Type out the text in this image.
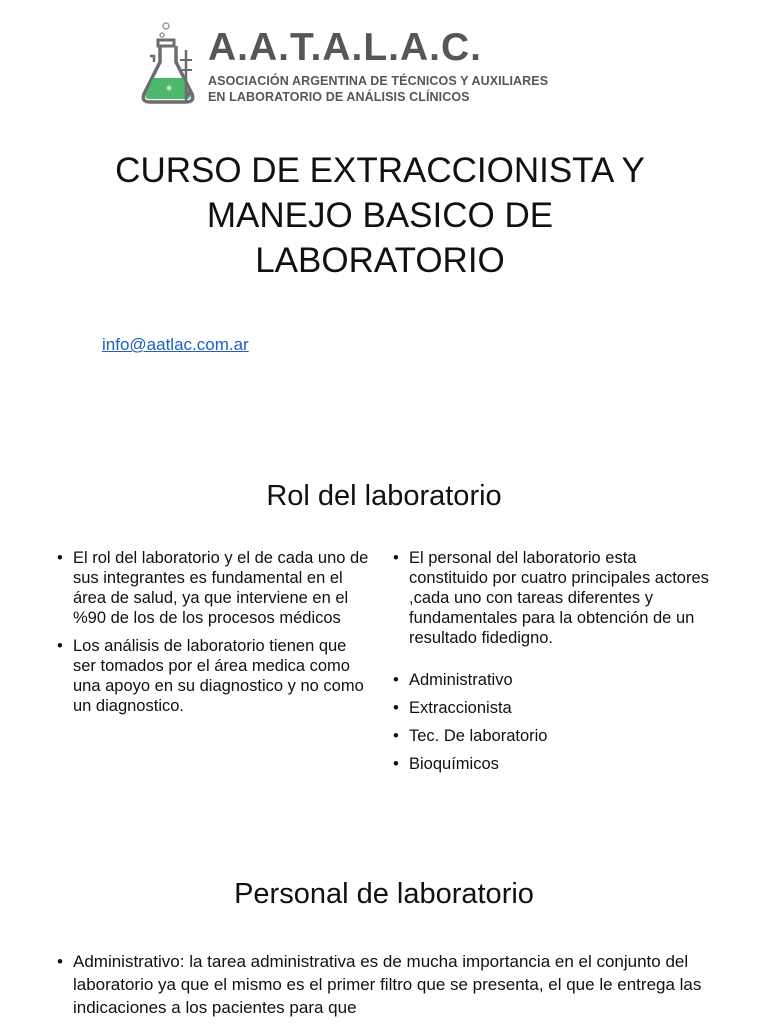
A.A.T.A.L.A.C.
ASOCIACIÓN ARGENTINA DE TÉCNICOS Y AUXILIARES
EN LABORATORIO DE ANÁLISIS CLÍNICOS
CURSO DE EXTRACCIONISTA Y
MANEJO BASICO DE
LABORATORIO
info@aatlac.com.ar
Rol del laboratorio
• El rol del laboratorio y el de cada uno de sus integrantes es fundamental en el área de salud, ya que interviene en el %90 de los de los procesos médicos
• Los análisis de laboratorio tienen que ser tomados por el área medica como una apoyo en su diagnostico y no como un diagnostico.
• El personal del laboratorio esta constituido por cuatro principales actores ,cada uno con tareas diferentes y fundamentales para la obtención de un resultado fidedigno.
• Administrativo
• Extraccionista
• Tec. De laboratorio
• Bioquímicos
Personal de laboratorio
• Administrativo: la tarea administrativa es de mucha importancia en el conjunto del laboratorio ya que el mismo es el primer filtro que se presenta, el que le entrega las indicaciones a los pacientes para que
